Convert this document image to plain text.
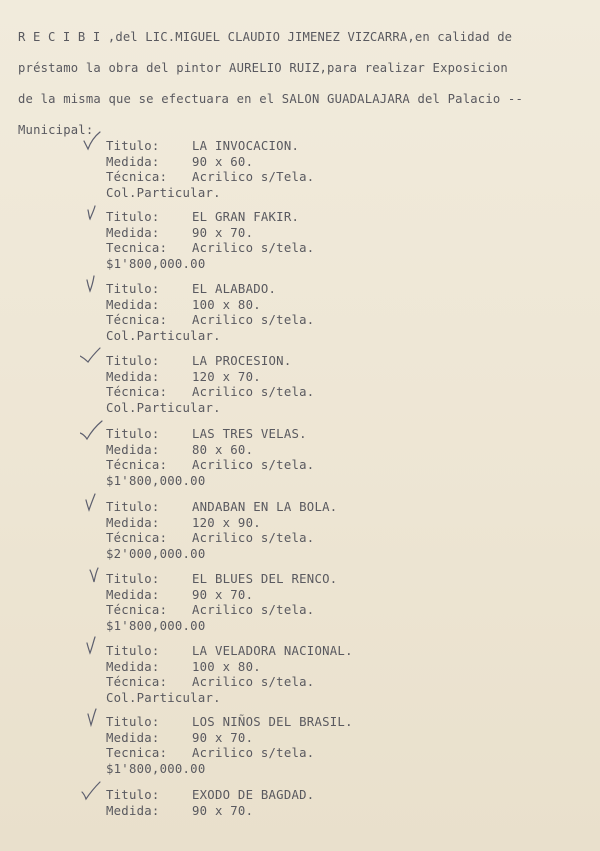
R E C I B I ,del LIC.MIGUEL CLAUDIO JIMENEZ VIZCARRA,en calidad de
préstamo la obra del pintor AURELIO RUIZ,para realizar Exposicion
de la misma que se efectuara en el SALON GUADALAJARA del Palacio --
Municipal:
Titulo:	LA INVOCACION.
Medida:	90 x 60.
Técnica: Acrilico s/Tela.
Col.Particular.
Titulo:	EL GRAN FAKIR.
Medida:	90 x 70.
Tecnica: Acrilico s/tela.
$1'800,000.00
Titulo:	EL ALABADO.
Medida:	100 x 80.
Técnica: Acrilico s/tela.
Col.Particular.
Titulo:	LA PROCESION.
Medida:	120 x 70.
Técnica: Acrilico s/tela.
Col.Particular.
Titulo:	LAS TRES VELAS.
Medida:	80 x 60.
Técnica: Acrilico s/tela.
$1'800,000.00
Titulo:	ANDABAN EN LA BOLA.
Medida:	120 x 90.
Técnica: Acrilico s/tela.
$2'000,000.00
Titulo:	EL BLUES DEL RENCO.
Medida:	90 x 70.
Técnica: Acrilico s/tela.
$1'800,000.00
Titulo:	LA VELADORA NACIONAL.
Medida:	100 x 80.
Técnica: Acrilico s/tela.
Col.Particular.
Titulo:	LOS NIÑOS DEL BRASIL.
Medida:	90 x 70.
Tecnica: Acrilico s/tela.
$1'800,000.00
Titulo:	EXODO DE BAGDAD.
Medida:	90 x 70.
